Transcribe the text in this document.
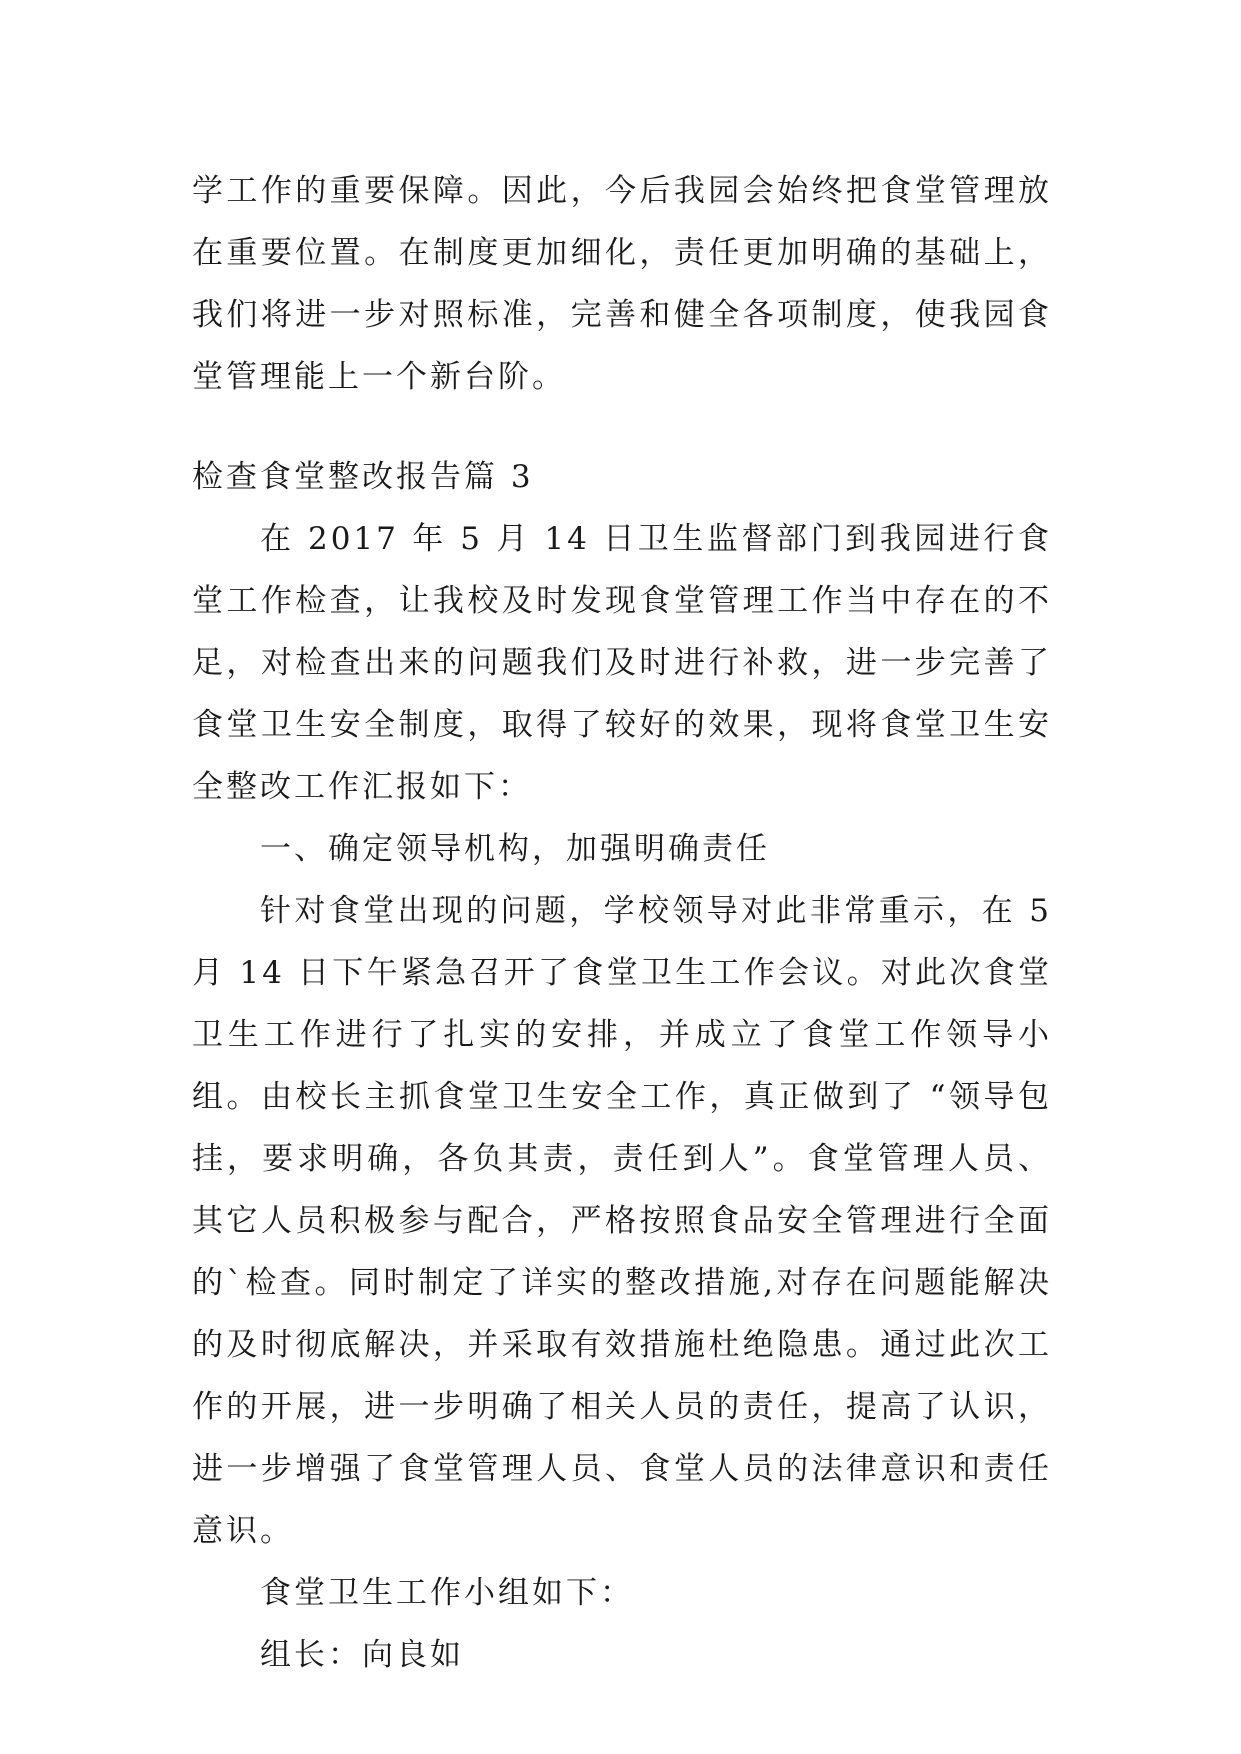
学工作的重要保障。因此，今后我园会始终把食堂管理放在重要位置。在制度更加细化，责任更加明确的基础上，我们将进一步对照标准，完善和健全各项制度，使我园食堂管理能上一个新台阶。

检查食堂整改报告篇 3

在 2017 年 5 月 14 日卫生监督部门到我园进行食堂工作检查，让我校及时发现食堂管理工作当中存在的不足，对检查出来的问题我们及时进行补救，进一步完善了食堂卫生安全制度，取得了较好的效果，现将食堂卫生安全整改工作汇报如下：

一、确定领导机构，加强明确责任

针对食堂出现的问题，学校领导对此非常重示，在 5 月 14 日下午紧急召开了食堂卫生工作会议。对此次食堂卫生工作进行了扎实的安排，并成立了食堂工作领导小组。由校长主抓食堂卫生安全工作，真正做到了 “领导包挂，要求明确，各负其责，责任到人”。食堂管理人员、其它人员积极参与配合，严格按照食品安全管理进行全面的`检查。同时制定了详实的整改措施,对存在问题能解决的及时彻底解决，并采取有效措施杜绝隐患。通过此次工作的开展，进一步明确了相关人员的责任，提高了认识，进一步增强了食堂管理人员、食堂人员的法律意识和责任意识。

食堂卫生工作小组如下：

组长：向良如
